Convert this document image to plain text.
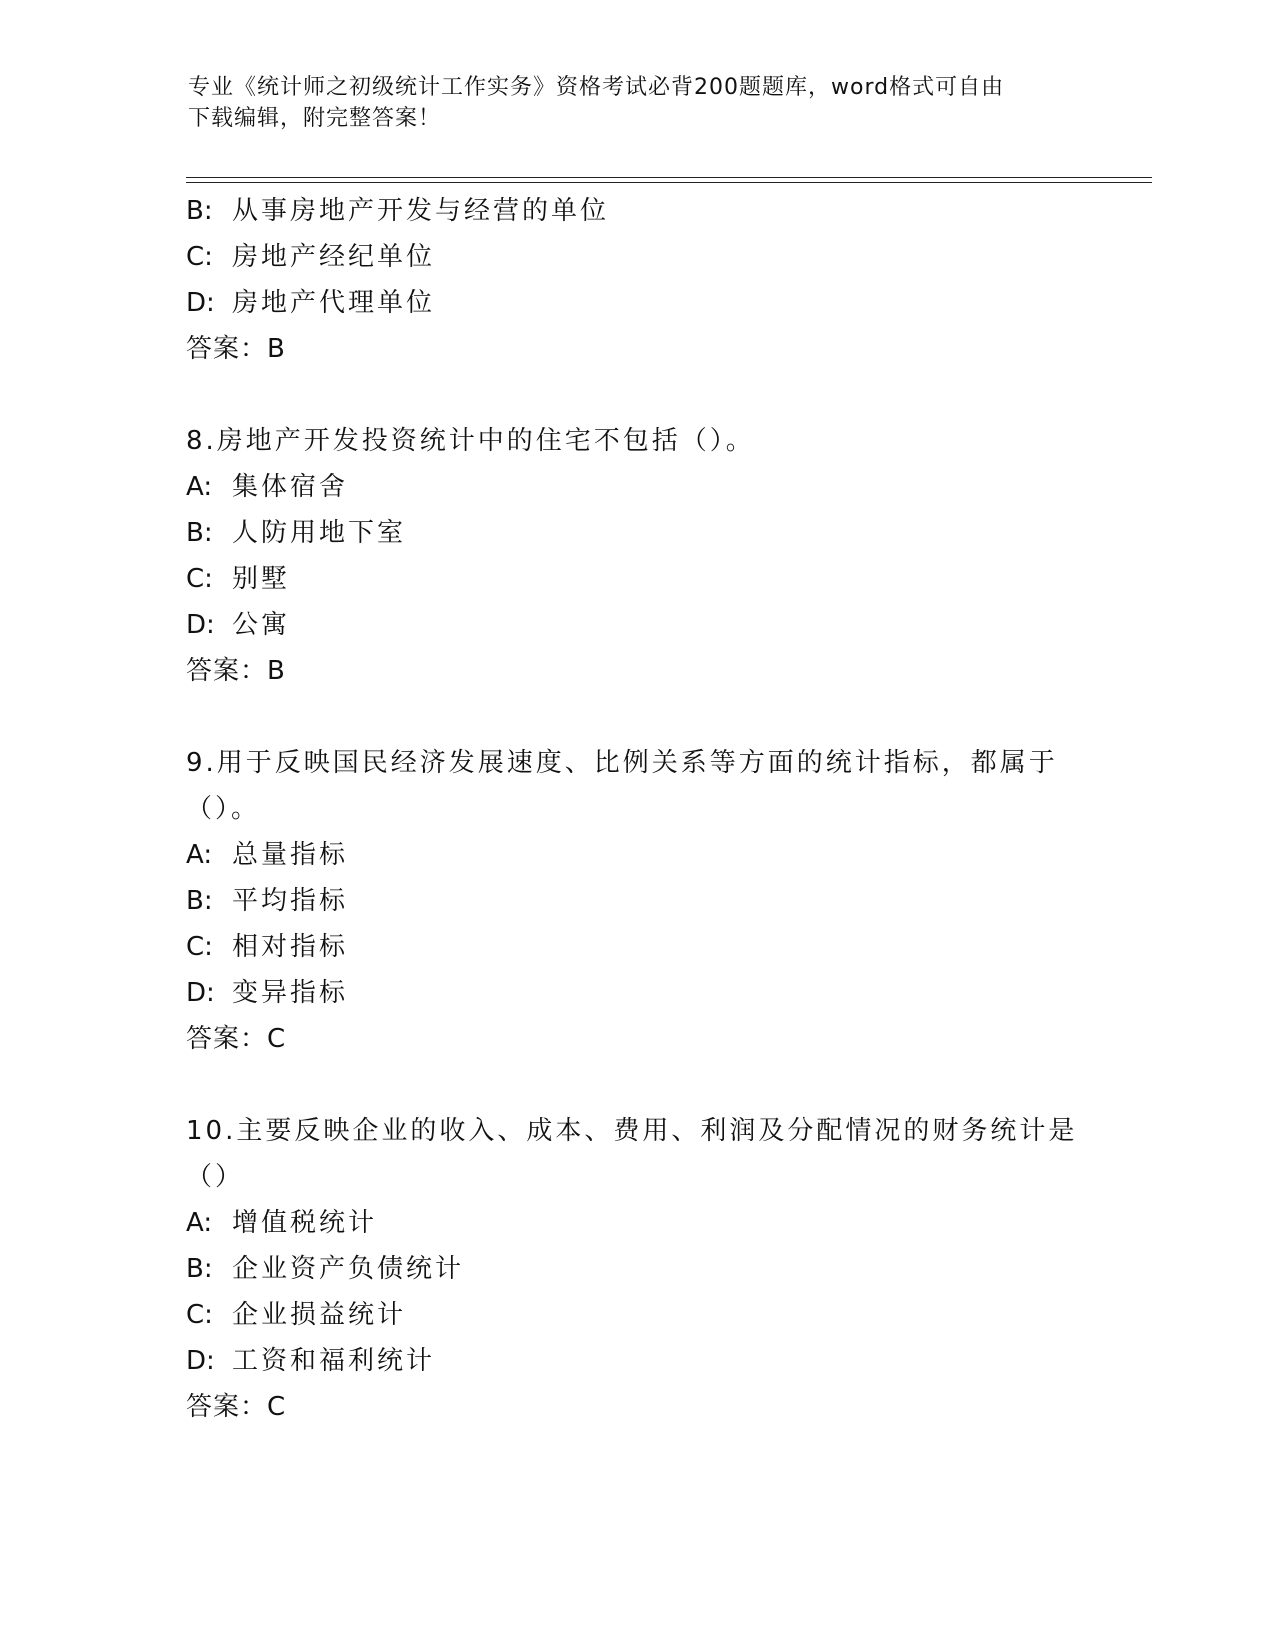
专业《统计师之初级统计工作实务》资格考试必背200题题库，word格式可自由
下载编辑，附完整答案！
B: 从事房地产开发与经营的单位
C: 房地产经纪单位
D: 房地产代理单位
答案：B
8.房地产开发投资统计中的住宅不包括（）。
A: 集体宿舍
B: 人防用地下室
C: 别墅
D: 公寓
答案：B
9.用于反映国民经济发展速度、比例关系等方面的统计指标，都属于
（）。
A: 总量指标
B: 平均指标
C: 相对指标
D: 变异指标
答案：C
10.主要反映企业的收入、成本、费用、利润及分配情况的财务统计是
（）
A: 增值税统计
B: 企业资产负债统计
C: 企业损益统计
D: 工资和福利统计
答案：C
